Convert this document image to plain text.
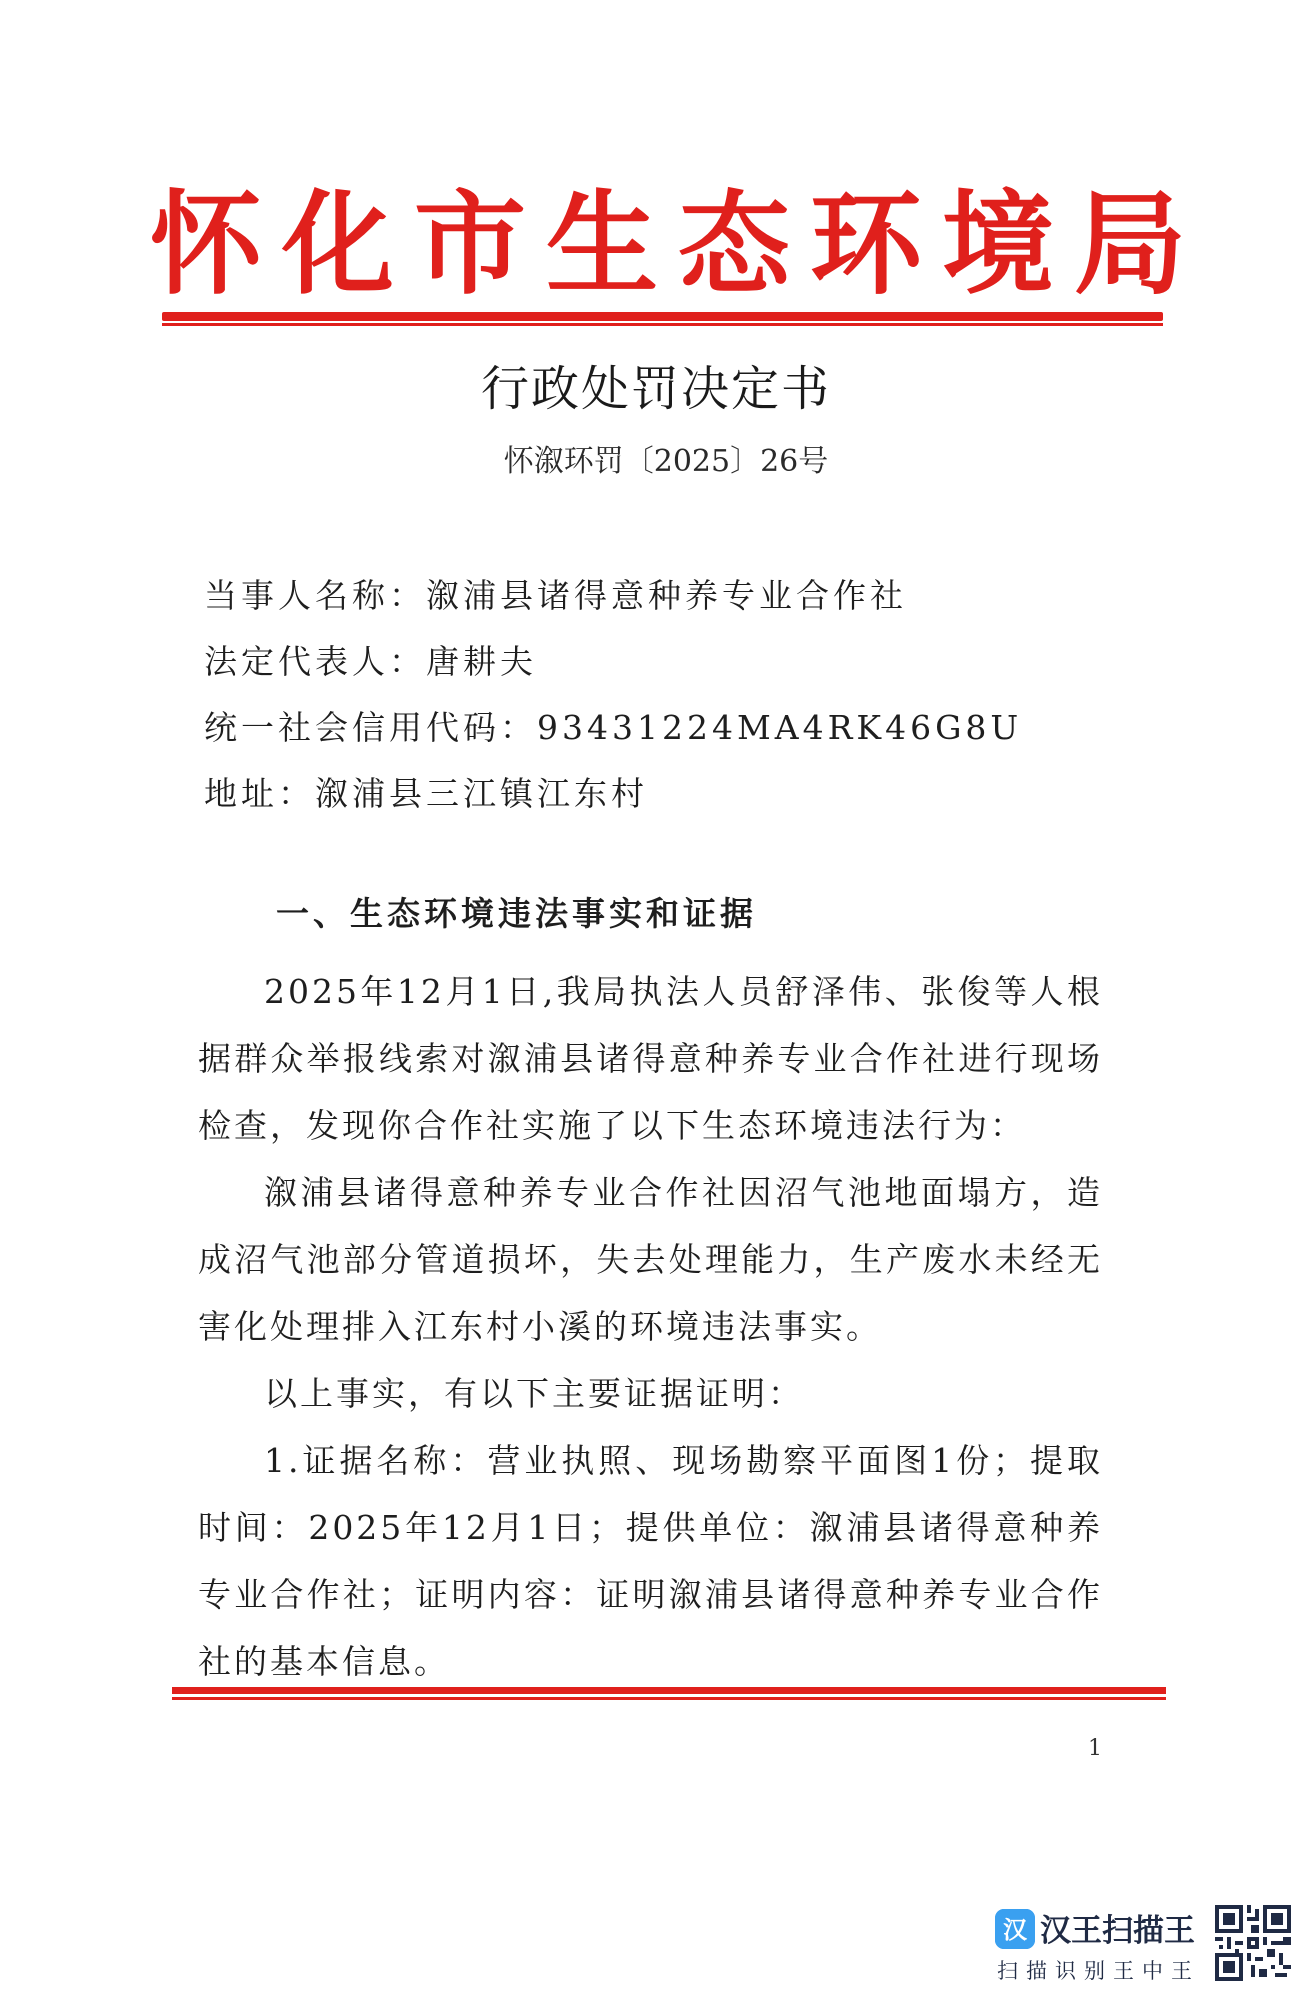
怀化市生态环境局
行政处罚决定书
怀溆环罚〔2025〕26号
当事人名称：溆浦县诸得意种养专业合作社
法定代表人：唐耕夫
统一社会信用代码：93431224MA4RK46G8U
地址：溆浦县三江镇江东村
一、生态环境违法事实和证据
2025年12月1日,我局执法人员舒泽伟、张俊等人根据群众举报线索对溆浦县诸得意种养专业合作社进行现场检查，发现你合作社实施了以下生态环境违法行为：
溆浦县诸得意种养专业合作社因沼气池地面塌方，造成沼气池部分管道损坏，失去处理能力，生产废水未经无害化处理排入江东村小溪的环境违法事实。
以上事实，有以下主要证据证明：
1.证据名称：营业执照、现场勘察平面图1份；提取时间：2025年12月1日；提供单位：溆浦县诸得意种养专业合作社；证明内容：证明溆浦县诸得意种养专业合作社的基本信息。
1
汉 汉王扫描王
扫描识别王中王
